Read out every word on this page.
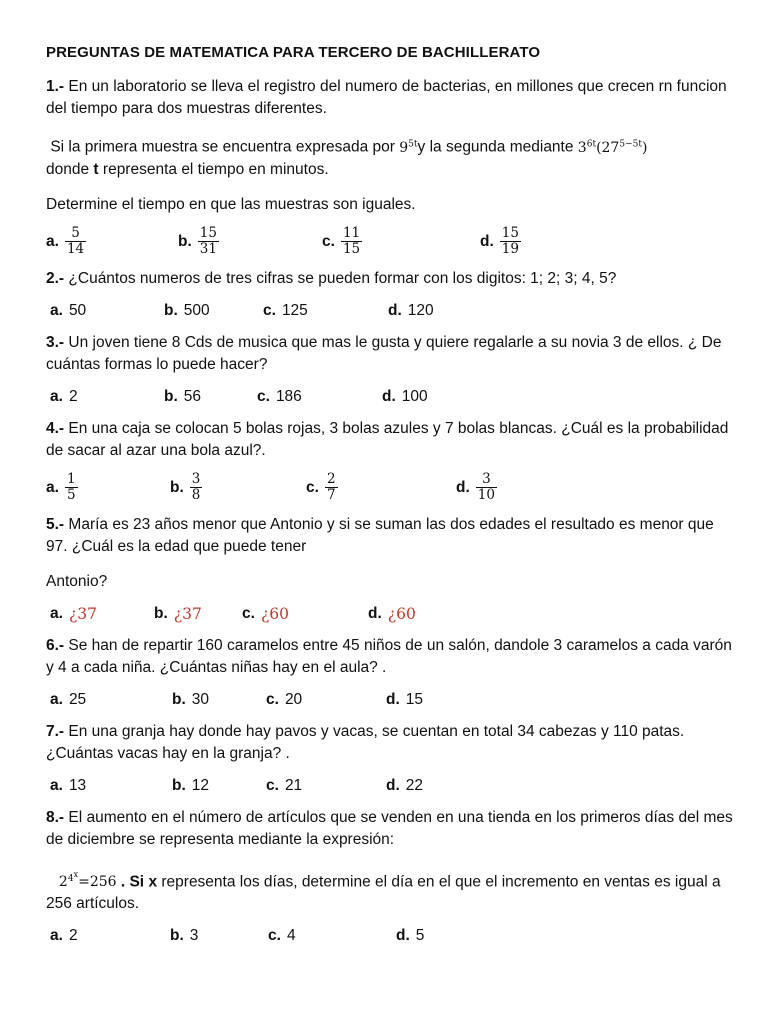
PREGUNTAS DE MATEMATICA PARA TERCERO DE BACHILLERATO

1.- En un laboratorio se lleva el registro del numero de bacterias, en millones que crecen rn funcion del tiempo para dos muestras diferentes.

Si la primera muestra se encuentra expresada por $9^{5t}y$ la segunda mediante $3^{6t}(27^{5-5t})$
donde t representa el tiempo en minutos.

Determine el tiempo en que las muestras son iguales.

a. $\frac{5}{14}$	b. $\frac{15}{31}$	c. $\frac{11}{15}$	d. $\frac{15}{19}$

2.- ¿Cuántos numeros de tres cifras se pueden formar con los digitos: 1; 2; 3; 4, 5?

a. 50	b. 500	c. 125	d. 120

3.- Un joven tiene 8 Cds de musica que mas le gusta y quiere regalarle a su novia 3 de ellos. ¿ De cuántas formas lo puede hacer?

a. 2	b. 56	c. 186	d. 100

4.- En una caja se colocan 5 bolas rojas, 3 bolas azules y 7 bolas blancas. ¿Cuál es la probabilidad de sacar al azar una bola azul?.

a. $\frac{1}{5}$	b. $\frac{3}{8}$	c. $\frac{2}{7}$	d. $\frac{3}{10}$

5.- María es 23 años menor que Antonio y si se suman las dos edades el resultado es menor que 97. ¿Cuál es la edad que puede tener

Antonio?

a. ¿37	b. ¿37	c. ¿60	d. ¿60

6.- Se han de repartir 160 caramelos entre 45 niños de un salón, dandole 3 caramelos a cada varón y 4 a cada niña. ¿Cuántas niñas hay en el aula? .

a. 25	b. 30	c. 20	d. 15

7.- En una granja hay donde hay pavos y vacas, se cuentan en total 34 cabezas y 110 patas. ¿Cuántas vacas hay en la granja? .

a. 13	b. 12	c. 21	d. 22

8.- El aumento en el número de artículos que se venden en una tienda en los primeros días del mes de diciembre se representa mediante la expresión:

$2^{4x}=256$ . Si x representa los días, determine el día en el que el incremento en ventas es igual a 256 artículos.

a. 2	b. 3	c. 4	d. 5
